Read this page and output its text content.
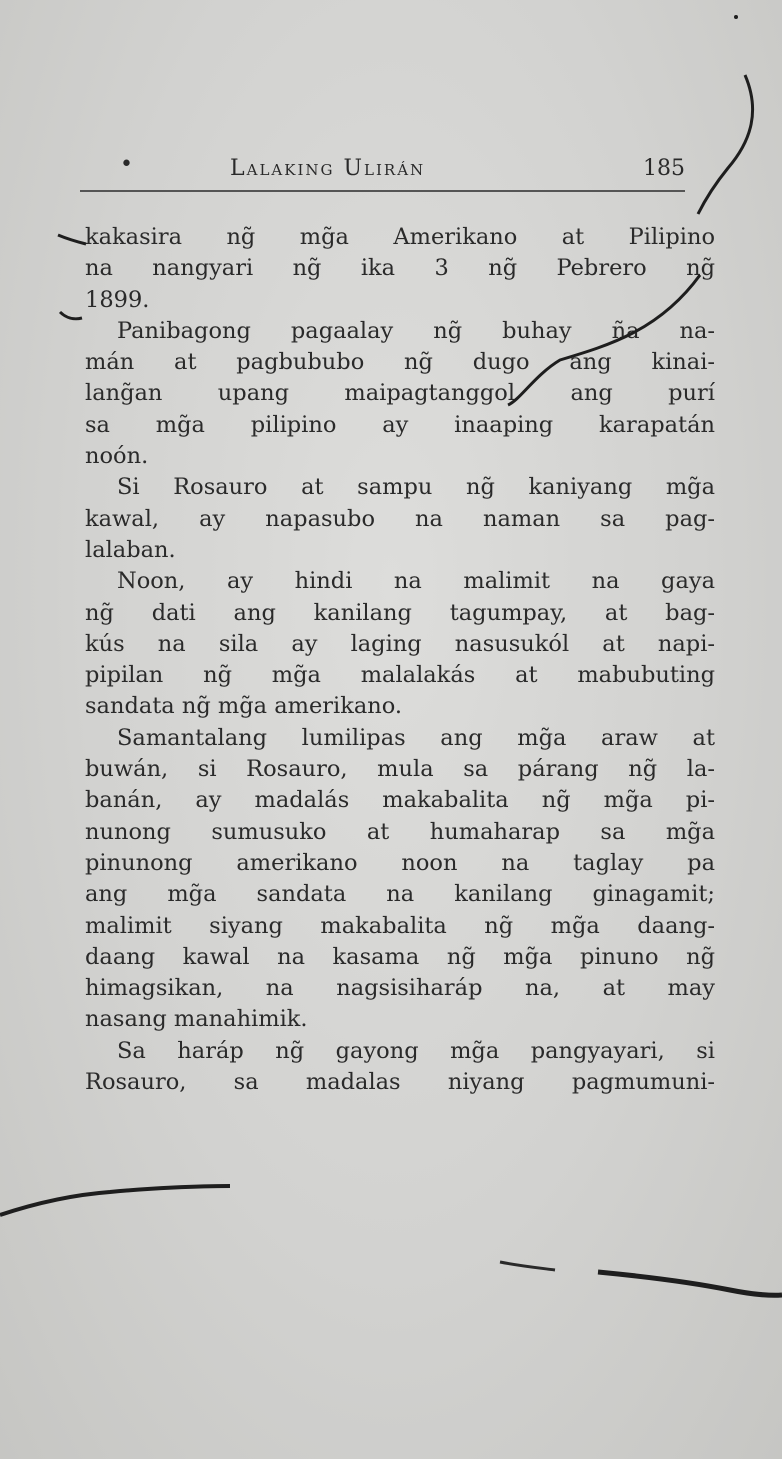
•	Lalaking Ulirán	185
kakasira ng̃ mg̃a Amerikano at Pilipino
na nangyari ng̃ ika 3 ng̃ Pebrero ng̃
1899.
Panibagong pagaalay ng̃ buhay ña na-
mán at pagbububo ng̃ dugo ang kinai-
lang̃an upang maipagtanggol ang purí
sa mg̃a pilipino ay inaaping karapatán
noón.
Si Rosauro at sampu ng̃ kaniyang mg̃a
kawal, ay napasubo na naman sa pag-
lalaban.
Noon, ay hindi na malimit na gaya
ng̃ dati ang kanilang tagumpay, at bag-
kús na sila ay laging nasusukól at napi-
pipilan ng̃ mg̃a malalakás at mabubuting
sandata ng̃ mg̃a amerikano.
Samantalang lumilipas ang mg̃a araw at
buwán, si Rosauro, mula sa párang ng̃ la-
banán, ay madalás makabalita ng̃ mg̃a pi-
nunong sumusuko at humaharap sa mg̃a
pinunong amerikano noon na taglay pa
ang mg̃a sandata na kanilang ginagamit;
malimit siyang makabalita ng̃ mg̃a daang-
daang kawal na kasama ng̃ mg̃a pinuno ng̃
himagsikan, na nagsisiharáp na, at may
nasang manahimik.
Sa haráp ng̃ gayong mg̃a pangyayari, si
Rosauro, sa madalas niyang pagmumuni-
